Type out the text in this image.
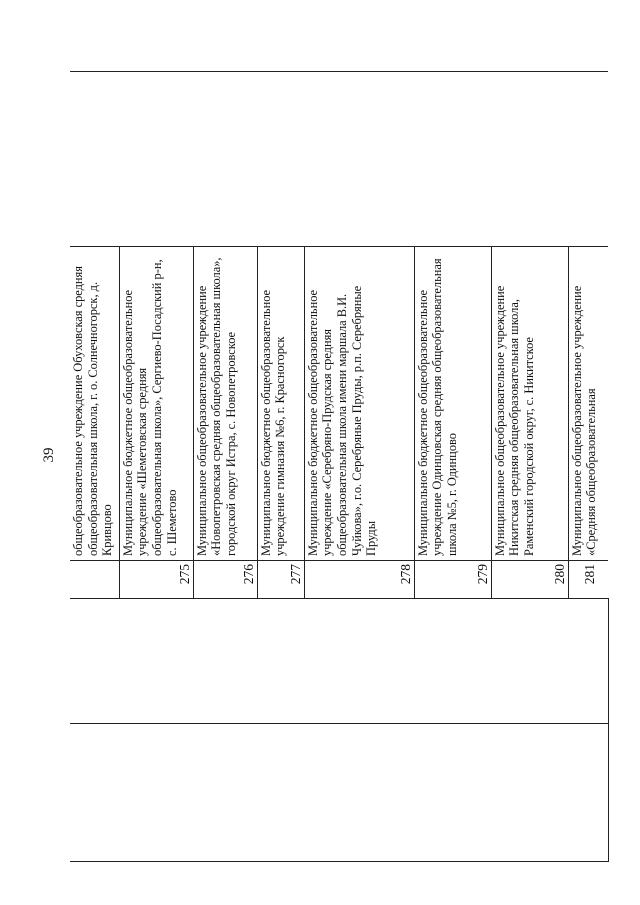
39
				общеобразовательное учреждение Обуховская средняя общеобразовательная школа, г. о. Солнечногорск, д. Кривцово	
		275	Муниципальное бюджетное общеобразовательное учреждение «Шеметовская средняя общеобразовательная школа», Сергиево-Посадский р-н, с. Шеметово	
		276	Муниципальное общеобразовательное учреждение «Новопетровская средняя общеобразовательная школа», городской округ Истра, с. Новопетровское	
		277	Муниципальное бюджетное общеобразовательное учреждение гимназия №6, г. Красногорск	
		278	Муниципальное бюджетное общеобразовательное учреждение «Серебряно-Прудская средняя общеобразовательная школа имени маршала В.И. Чуйкова», г.о. Серебряные Пруды, р.п. Серебряные Пруды	
		279	Муниципальное бюджетное общеобразовательное учреждение Одинцовская средняя общеобразовательная школа №5, г. Одинцово	
		280	Муниципальное общеобразовательное учреждение Никитская средняя общеобразовательная школа, Раменский городской округ, с. Никитское	
		281	Муниципальное общеобразовательное учреждение «Средняя общеобразовательная	
